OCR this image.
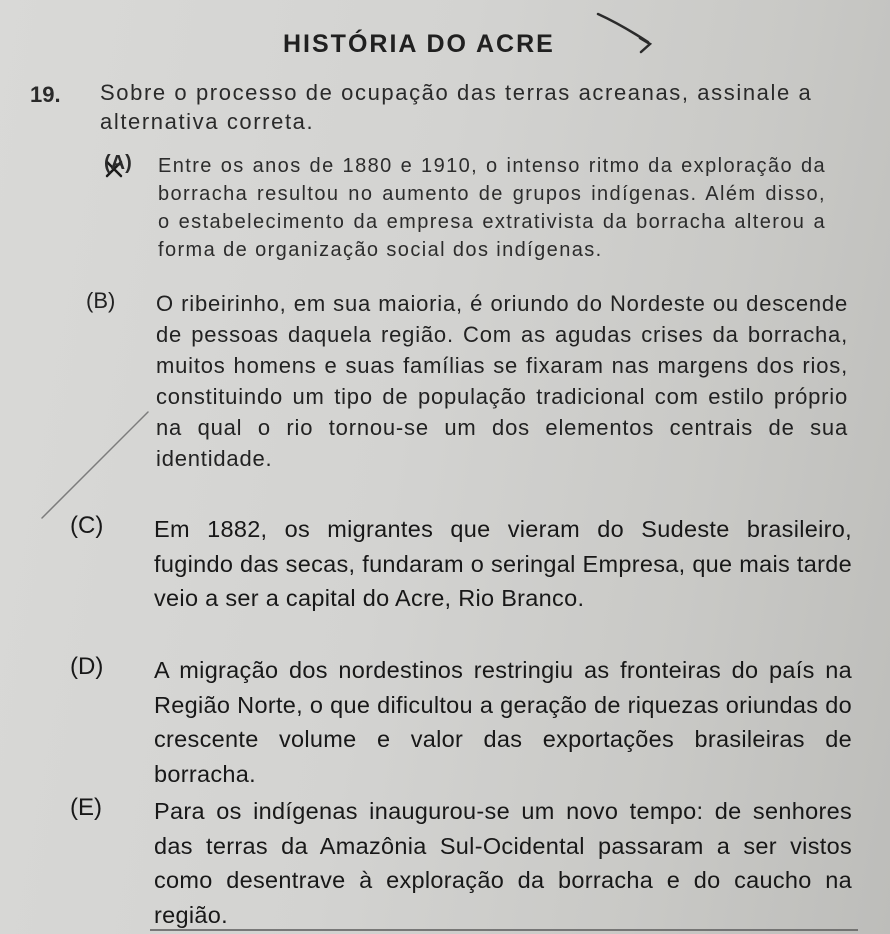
HISTÓRIA DO ACRE
19. Sobre o processo de ocupação das terras acreanas, assinale a alternativa correta.

(A) Entre os anos de 1880 e 1910, o intenso ritmo da exploração da borracha resultou no aumento de grupos indígenas. Além disso, o estabelecimento da empresa extrativista da borracha alterou a forma de organização social dos indígenas.

(B) O ribeirinho, em sua maioria, é oriundo do Nordeste ou descende de pessoas daquela região. Com as agudas crises da borracha, muitos homens e suas famílias se fixaram nas margens dos rios, constituindo um tipo de população tradicional com estilo próprio na qual o rio tornou-se um dos elementos centrais de sua identidade.

(C) Em 1882, os migrantes que vieram do Sudeste brasileiro, fugindo das secas, fundaram o seringal Empresa, que mais tarde veio a ser a capital do Acre, Rio Branco.

(D) A migração dos nordestinos restringiu as fronteiras do país na Região Norte, o que dificultou a geração de riquezas oriundas do crescente volume e valor das exportações brasileiras de borracha.

(E) Para os indígenas inaugurou-se um novo tempo: de senhores das terras da Amazônia Sul-Ocidental passaram a ser vistos como desentrave à exploração da borracha e do caucho na região.
